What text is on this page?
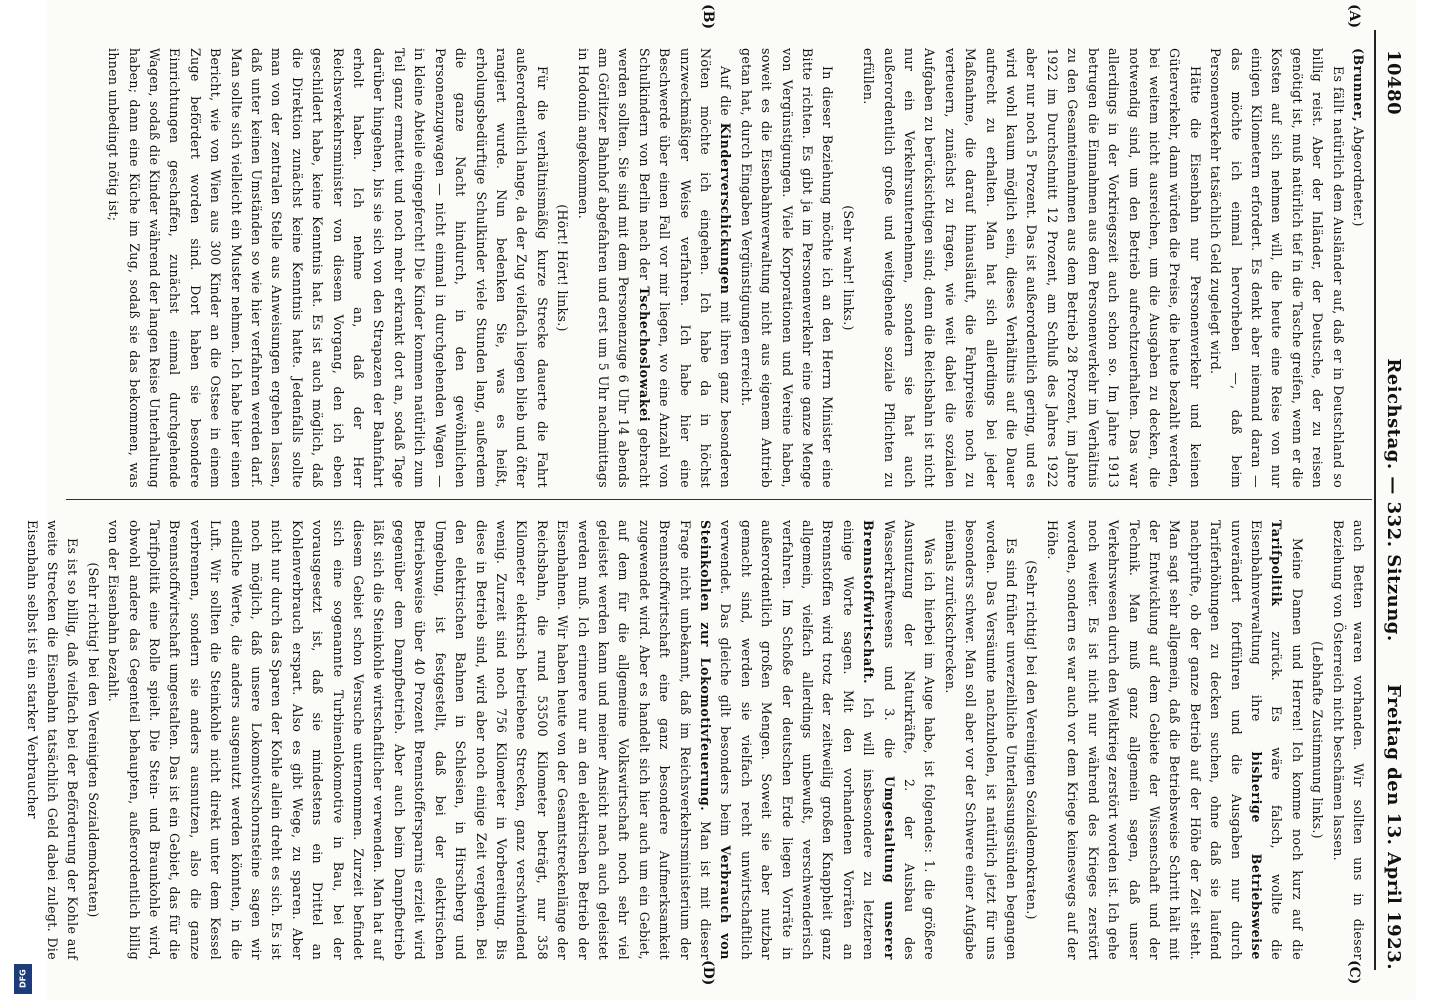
DFG
10480
Reichstag. — 332. Sitzung.
Freitag den 13. April 1923.
(A)
(B)
(C)
(D)

(Brunner, Abgeordneter.)

Es fällt natürlich dem Ausländer auf, daß er in Deutschland so billig reist. Aber der Inländer, der Deutsche, der zu reisen genötigt ist, muß natürlich tief in die Tasche greifen, wenn er die Kosten auf sich nehmen will, die heute eine Reise von nur einigen Kilometern erfordert. Es denkt aber niemand daran — das möchte ich einmal hervorheben —, daß beim Personenverkehr tatsächlich Geld zugelegt wird.

Hätte die Eisenbahn nur Personenverkehr und keinen Güterverkehr, dann würden die Preise, die heute bezahlt werden, bei weitem nicht ausreichen, um die Ausgaben zu decken, die notwendig sind, um den Betrieb aufrechtzuerhalten. Das war allerdings in der Vorkriegszeit auch schon so. Im Jahre 1913 betrugen die Einnahmen aus dem Personenverkehr im Verhältnis zu den Gesamteinnahmen aus dem Betrieb 28 Prozent, im Jahre 1922 im Durchschnitt 12 Prozent, am Schluß des Jahres 1922 aber nur noch 5 Prozent. Das ist außerordentlich gering, und es wird wohl kaum möglich sein, dieses Verhältnis auf die Dauer aufrecht zu erhalten. Man hat sich allerdings bei jeder Maßnahme, die darauf hinausläuft, die Fahrpreise noch zu verteuern, zunächst zu fragen, wie weit dabei die sozialen Aufgaben zu berücksichtigen sind; denn die Reichsbahn ist nicht nur ein Verkehrsunternehmen, sondern sie hat auch außerordentlich große und weitgehende soziale Pflichten zu erfüllen.

(Sehr wahr! links.)

In dieser Beziehung möchte ich an den Herrn Minister eine Bitte richten. Es gibt ja im Personenverkehr eine ganze Menge von Vergünstigungen. Viele Korporationen und Vereine haben, soweit es die Eisenbahnverwaltung nicht aus eigenem Antrieb getan hat, durch Eingaben Vergünstigungen erreicht.

Auf die Kinderverschickungen mit ihren ganz besonderen Nöten möchte ich eingehen. Ich habe da in höchst unzweckmäßiger Weise verfahren. Ich habe hier eine Beschwerde über einen Fall vor mir liegen, wo eine Anzahl von Schulkindern von Berlin nach der Tschechoslowakei gebracht werden sollten. Sie sind mit dem Personenzuge 6 Uhr 14 abends am Görlitzer Bahnhof abgefahren und erst um 5 Uhr nachmittags in Hodonín angekommen.

(Hört! Hört! links.)

Für die verhältnismäßig kurze Strecke dauerte die Fahrt außerordentlich lange, da der Zug vielfach liegen blieb und öfter rangiert wurde. Nun bedenken Sie, was es heißt, erholungsbedürftige Schulkinder viele Stunden lang, außerdem die ganze Nacht hindurch, in den gewöhnlichen Personenzugwagen — nicht einmal in durchgehenden Wagen — in kleine Abteile eingepfercht! Die Kinder kommen natürlich zum Teil ganz ermattet und noch mehr erkrankt dort an, sodaß Tage darüber hingehen, bis sie sich von den Strapazen der Bahnfahrt erholt haben. Ich nehme an, daß der Herr Reichsverkehrsminister von diesem Vorgang, den ich eben geschildert habe, keine Kenntnis hat. Es ist auch möglich, daß die Direktion zunächst keine Kenntnis hatte. Jedenfalls sollte man von der zentralen Stelle aus Anweisungen ergehen lassen, daß unter keinen Umständen so wie hier verfahren werden darf. Man sollte sich vielleicht ein Muster nehmen. Ich habe hier einen Bericht, wie von Wien aus 300 Kinder an die Ostsee in einem Zuge befördert worden sind. Dort haben sie besondere Einrichtungen geschaffen, zunächst einmal durchgehende Wagen, sodaß die Kinder während der langen Reise Unterhaltung haben; dann eine Küche im Zug, sodaß sie das bekommen, was ihnen unbedingt nötig ist;

auch Betten waren vorhanden. Wir sollten uns in dieser Beziehung von Österreich nicht beschämen lassen.

(Lebhafte Zustimmung links.)

Meine Damen und Herren! Ich komme noch kurz auf die Tarifpolitik zurück. Es wäre falsch, wollte die Eisenbahnverwaltung ihre bisherige Betriebsweise unverändert fortführen und die Ausgaben nur durch Tariferhöhungen zu decken suchen, ohne daß sie laufend nachprüfte, ob der ganze Betrieb auf der Höhe der Zeit steht. Man sagt sehr allgemein, daß die Betriebsweise Schritt hält mit der Entwicklung auf dem Gebiete der Wissenschaft und der Technik. Man muß ganz allgemein sagen, daß unser Verkehrswesen durch den Weltkrieg zerstört worden ist. Ich gehe noch weiter. Es ist nicht nur während des Krieges zerstört worden, sondern es war auch vor dem Kriege keineswegs auf der Höhe.

(Sehr richtig! bei den Vereinigten Sozialdemokraten.)

Es sind früher unverzeihliche Unterlassungssünden begangen worden. Das Versäumte nachzuholen, ist natürlich jetzt für uns besonders schwer. Man soll aber vor der Schwere einer Aufgabe niemals zurückschrecken.

Was ich hierbei im Auge habe, ist folgendes: 1. die größere Ausnutzung der Naturkräfte, 2. der Ausbau des Wasserkraftwesens und 3. die Umgestaltung unserer Brennstoffwirtschaft. Ich will insbesondere zu letzteren einige Worte sagen. Mit den vorhandenen Vorräten an Brennstoffen wird trotz der zeitweilig großen Knappheit ganz allgemein, vielfach allerdings unbewußt, verschwenderisch verfahren. Im Schoße der deutschen Erde liegen Vorräte in außerordentlich großen Mengen. Soweit sie aber nutzbar gemacht sind, werden sie vielfach recht unwirtschaftlich verwendet. Das gleiche gilt besonders beim Verbrauch von Steinkohlen zur Lokomotivfeuerung. Man ist mit dieser Frage nicht unbekannt, daß im Reichsverkehrsministerium der Brennstoffwirtschaft eine ganz besondere Aufmerksamkeit zugewendet wird. Aber es handelt sich hier auch um ein Gebiet, auf dem für die allgemeine Volkswirtschaft noch sehr viel geleistet werden kann und meiner Ansicht nach auch geleistet werden muß. Ich erinnere nur an den elektrischen Betrieb der Eisenbahnen. Wir haben heute von der Gesamtstreckenlänge der Reichsbahn, die rund 53500 Kilometer beträgt, nur 358 Kilometer elektrisch betriebene Strecken, ganz verschwindend wenig. Zurzeit sind noch 756 Kilometer in Vorbereitung. Bis diese in Betrieb sind, wird aber noch einige Zeit vergehen. Bei den elektrischen Bahnen in Schlesien, in Hirschberg und Umgebung, ist festgestellt, daß bei der elektrischen Betriebsweise über 40 Prozent Brennstoffersparnis erzielt wird gegenüber dem Dampfbetrieb. Aber auch beim Dampfbetrieb läßt sich die Steinkohle wirtschaftlicher verwenden. Man hat auf diesem Gebiet schon Versuche unternommen. Zurzeit befindet sich eine sogenannte Turbinenlokomotive in Bau, bei der vorausgesetzt ist, daß sie mindestens ein Drittel an Kohlenverbrauch erspart. Also es gibt Wege, zu sparen. Aber nicht nur durch das Sparen der Kohle allein dreht es sich. Es ist noch möglich, daß unsere Lokomotivschornsteine sagen wir endliche Werte, die anders ausgenutzt werden könnten, in die Luft. Wir sollten die Steinkohle nicht direkt unter dem Kessel verbrennen, sondern sie anders ausnutzen, also die ganze Brennstoffwirtschaft umgestalten. Das ist ein Gebiet, das für die Tarifpolitik eine Rolle spielt. Die Stein- und Braunkohle wird, obwohl andere das Gegenteil behaupten, außerordentlich billig von der Eisenbahn bezahlt.

(Sehr richtig! bei den Vereinigten Sozialdemokraten)

Es ist so billig, daß vielfach bei der Beförderung der Kohle auf weite Strecken die Eisenbahn tatsächlich Geld dabei zulegt. Die Eisenbahn selbst ist ein starker Verbraucher
